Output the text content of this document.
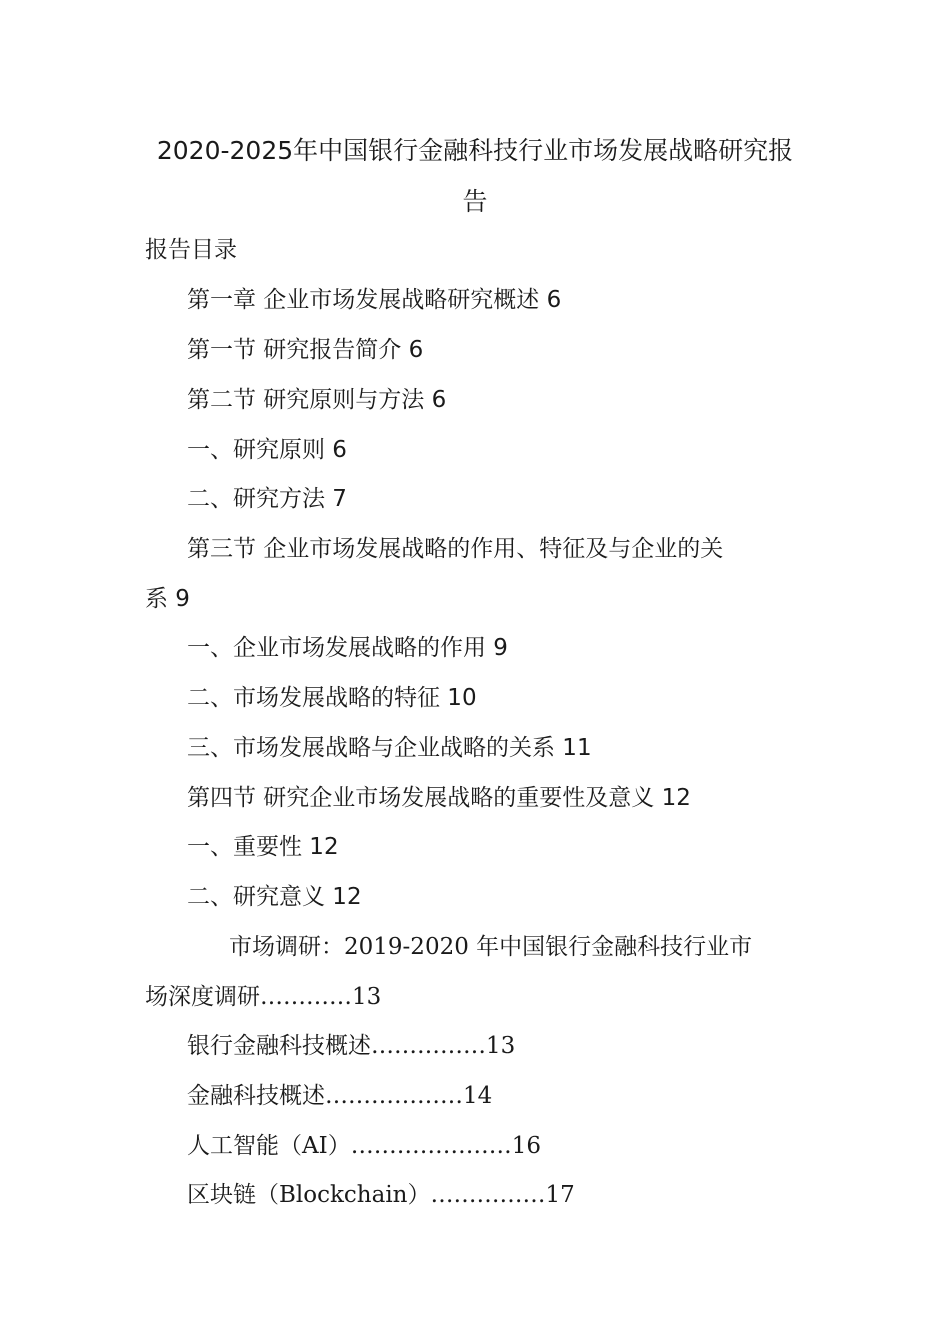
2020-2025年中国银行金融科技行业市场发展战略研究报
告
报告目录
第一章 企业市场发展战略研究概述 6
第一节 研究报告简介 6
第二节 研究原则与方法 6
一、研究原则 6
二、研究方法 7
第三节 企业市场发展战略的作用、特征及与企业的关
系 9
一、企业市场发展战略的作用 9
二、市场发展战略的特征 10
三、市场发展战略与企业战略的关系 11
第四节 研究企业市场发展战略的重要性及意义 12
一、重要性 12
二、研究意义 12
市场调研：2019-2020 年中国银行金融科技行业市
场深度调研…………13
银行金融科技概述……………13
金融科技概述………………14
人工智能（AI）…………………16
区块链（Blockchain）……………17
